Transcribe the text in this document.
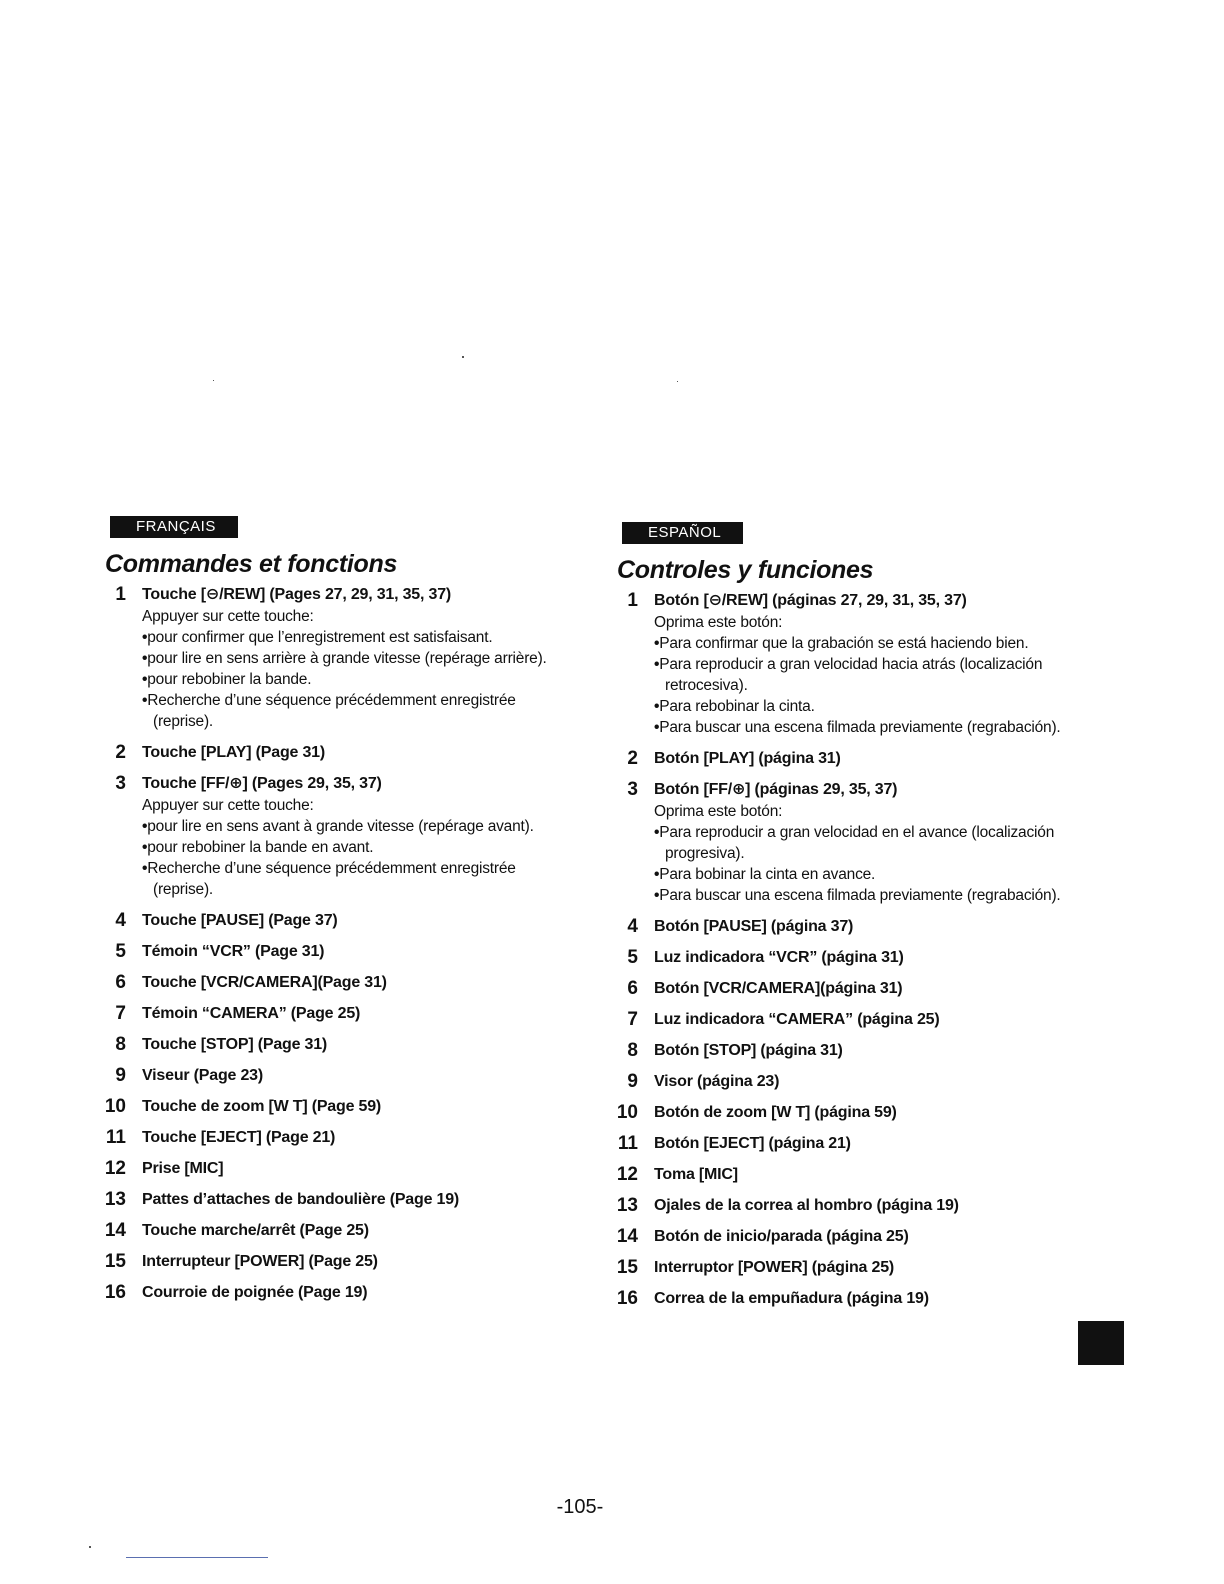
FRANÇAIS
Commandes et fonctions
1 Touche [⊖/REW] (Pages 27, 29, 31, 35, 37)
Appuyer sur cette touche:
•pour confirmer que l’enregistrement est satisfaisant.
•pour lire en sens arrière à grande vitesse (repérage arrière).
•pour rebobiner la bande.
•Recherche d’une séquence précédemment enregistrée (reprise).
2 Touche [PLAY] (Page 31)
3 Touche [FF/⊕] (Pages 29, 35, 37)
Appuyer sur cette touche:
•pour lire en sens avant à grande vitesse (repérage avant).
•pour rebobiner la bande en avant.
•Recherche d’une séquence précédemment enregistrée (reprise).
4 Touche [PAUSE] (Page 37)
5 Témoin “VCR” (Page 31)
6 Touche [VCR/CAMERA](Page 31)
7 Témoin “CAMERA” (Page 25)
8 Touche [STOP] (Page 31)
9 Viseur (Page 23)
10 Touche de zoom [W T] (Page 59)
11 Touche [EJECT] (Page 21)
12 Prise [MIC]
13 Pattes d’attaches de bandoulière (Page 19)
14 Touche marche/arrêt (Page 25)
15 Interrupteur [POWER] (Page 25)
16 Courroie de poignée (Page 19)
ESPAÑOL
Controles y funciones
1 Botón [⊖/REW] (páginas 27, 29, 31, 35, 37)
Oprima este botón:
•Para confirmar que la grabación se está haciendo bien.
•Para reproducir a gran velocidad hacia atrás (localización retrocesiva).
•Para rebobinar la cinta.
•Para buscar una escena filmada previamente (regrabación).
2 Botón [PLAY] (página 31)
3 Botón [FF/⊕] (páginas 29, 35, 37)
Oprima este botón:
•Para reproducir a gran velocidad en el avance (localización progresiva).
•Para bobinar la cinta en avance.
•Para buscar una escena filmada previamente (regrabación).
4 Botón [PAUSE] (página 37)
5 Luz indicadora “VCR” (página 31)
6 Botón [VCR/CAMERA](página 31)
7 Luz indicadora “CAMERA” (página 25)
8 Botón [STOP] (página 31)
9 Visor (página 23)
10 Botón de zoom [W T] (página 59)
11 Botón [EJECT] (página 21)
12 Toma [MIC]
13 Ojales de la correa al hombro (página 19)
14 Botón de inicio/parada (página 25)
15 Interruptor [POWER] (página 25)
16 Correa de la empuñadura (página 19)
-105-
